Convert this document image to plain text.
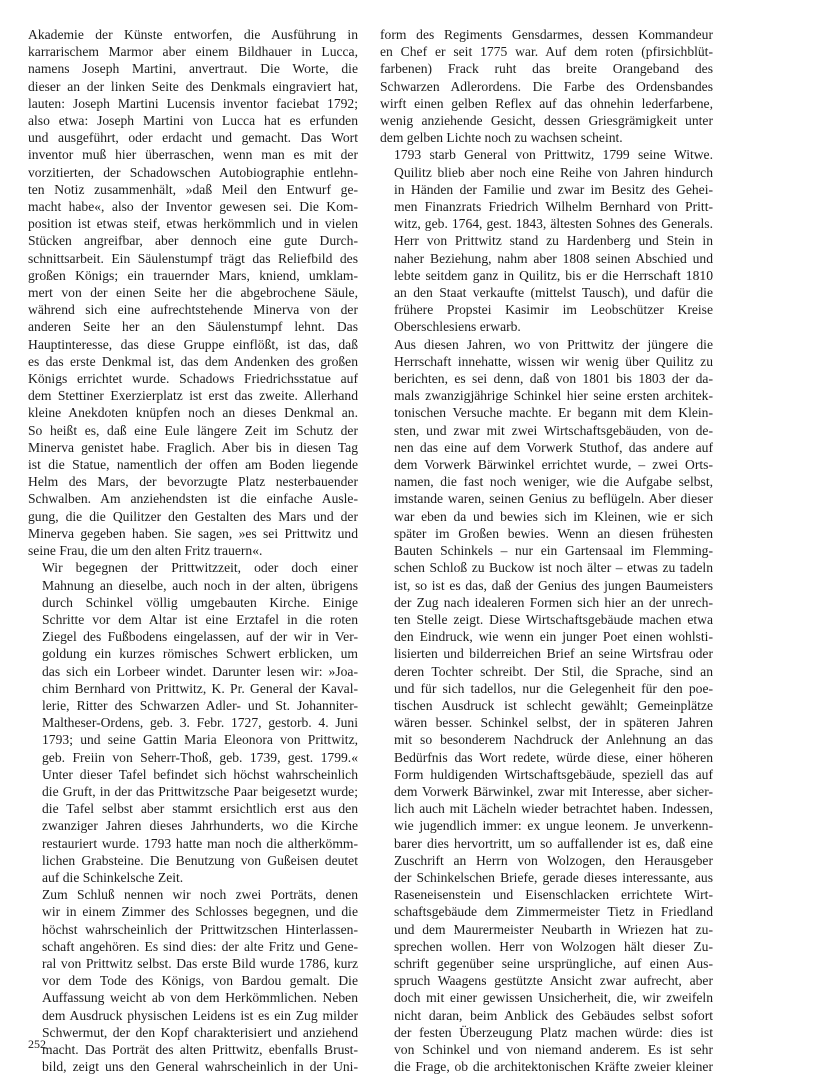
Akademie der Künste entworfen, die Ausführung in
karrarischem Marmor aber einem Bildhauer in Lucca,
namens Joseph Martini, anvertraut. Die Worte, die
dieser an der linken Seite des Denkmals eingraviert hat,
lauten: Joseph Martini Lucensis inventor faciebat 1792;
also etwa: Joseph Martini von Lucca hat es erfunden
und ausgeführt, oder erdacht und gemacht. Das Wort
inventor muß hier überraschen, wenn man es mit der
vorzitierten, der Schadowschen Autobiographie entlehn-
ten Notiz zusammenhält, »daß Meil den Entwurf ge-
macht habe«, also der Inventor gewesen sei. Die Kom-
position ist etwas steif, etwas herkömmlich und in vielen
Stücken angreifbar, aber dennoch eine gute Durch-
schnittsarbeit. Ein Säulenstumpf trägt das Reliefbild des
großen Königs; ein trauernder Mars, kniend, umklam-
mert von der einen Seite her die abgebrochene Säule,
während sich eine aufrechtstehende Minerva von der
anderen Seite her an den Säulenstumpf lehnt. Das
Hauptinteresse, das diese Gruppe einflößt, ist das, daß
es das erste Denkmal ist, das dem Andenken des großen
Königs errichtet wurde. Schadows Friedrichsstatue auf
dem Stettiner Exerzierplatz ist erst das zweite. Allerhand
kleine Anekdoten knüpfen noch an dieses Denkmal an.
So heißt es, daß eine Eule längere Zeit im Schutz der
Minerva genistet habe. Fraglich. Aber bis in diesen Tag
ist die Statue, namentlich der offen am Boden liegende
Helm des Mars, der bevorzugte Platz nesterbauender
Schwalben. Am anziehendsten ist die einfache Ausle-
gung, die die Quilitzer den Gestalten des Mars und der
Minerva gegeben haben. Sie sagen, »es sei Prittwitz und
seine Frau, die um den alten Fritz trauern«.

Wir begegnen der Prittwitzzeit, oder doch einer
Mahnung an dieselbe, auch noch in der alten, übrigens
durch Schinkel völlig umgebauten Kirche. Einige
Schritte vor dem Altar ist eine Erztafel in die roten
Ziegel des Fußbodens eingelassen, auf der wir in Ver-
goldung ein kurzes römisches Schwert erblicken, um
das sich ein Lorbeer windet. Darunter lesen wir: »Joa-
chim Bernhard von Prittwitz, K. Pr. General der Kaval-
lerie, Ritter des Schwarzen Adler- und St. Johanniter-
Maltheser-Ordens, geb. 3. Febr. 1727, gestorb. 4. Juni
1793; und seine Gattin Maria Eleonora von Prittwitz,
geb. Freiin von Seherr-Thoß, geb. 1739, gest. 1799.«
Unter dieser Tafel befindet sich höchst wahrscheinlich
die Gruft, in der das Prittwitzsche Paar beigesetzt wurde;
die Tafel selbst aber stammt ersichtlich erst aus den
zwanziger Jahren dieses Jahrhunderts, wo die Kirche
restauriert wurde. 1793 hatte man noch die altherkömm-
lichen Grabsteine. Die Benutzung von Gußeisen deutet
auf die Schinkelsche Zeit.

Zum Schluß nennen wir noch zwei Porträts, denen
wir in einem Zimmer des Schlosses begegnen, und die
höchst wahrscheinlich der Prittwitzschen Hinterlassen-
schaft angehören. Es sind dies: der alte Fritz und Gene-
ral von Prittwitz selbst. Das erste Bild wurde 1786, kurz
vor dem Tode des Königs, von Bardou gemalt. Die
Auffassung weicht ab von dem Herkömmlichen. Neben
dem Ausdruck physischen Leidens ist es ein Zug milder
Schwermut, der den Kopf charakterisiert und anziehend
macht. Das Porträt des alten Prittwitz, ebenfalls Brust-
bild, zeigt uns den General wahrscheinlich in der Uni-

form des Regiments Gensdarmes, dessen Kommandeur
en Chef er seit 1775 war. Auf dem roten (pfirsichblüt-
farbenen) Frack ruht das breite Orangeband des
Schwarzen Adlerordens. Die Farbe des Ordensbandes
wirft einen gelben Reflex auf das ohnehin lederfarbene,
wenig anziehende Gesicht, dessen Griesgrämigkeit unter
dem gelben Lichte noch zu wachsen scheint.

1793 starb General von Prittwitz, 1799 seine Witwe.
Quilitz blieb aber noch eine Reihe von Jahren hindurch
in Händen der Familie und zwar im Besitz des Gehei-
men Finanzrats Friedrich Wilhelm Bernhard von Pritt-
witz, geb. 1764, gest. 1843, ältesten Sohnes des Generals.
Herr von Prittwitz stand zu Hardenberg und Stein in
naher Beziehung, nahm aber 1808 seinen Abschied und
lebte seitdem ganz in Quilitz, bis er die Herrschaft 1810
an den Staat verkaufte (mittelst Tausch), und dafür die
frühere Propstei Kasimir im Leobschützer Kreise
Oberschlesiens erwarb.

Aus diesen Jahren, wo von Prittwitz der jüngere die
Herrschaft innehatte, wissen wir wenig über Quilitz zu
berichten, es sei denn, daß von 1801 bis 1803 der da-
mals zwanzigjährige Schinkel hier seine ersten architek-
tonischen Versuche machte. Er begann mit dem Klein-
sten, und zwar mit zwei Wirtschaftsgebäuden, von de-
nen das eine auf dem Vorwerk Stuthof, das andere auf
dem Vorwerk Bärwinkel errichtet wurde, – zwei Orts-
namen, die fast noch weniger, wie die Aufgabe selbst,
imstande waren, seinen Genius zu beflügeln. Aber dieser
war eben da und bewies sich im Kleinen, wie er sich
später im Großen bewies. Wenn an diesen frühesten
Bauten Schinkels – nur ein Gartensaal im Flemming-
schen Schloß zu Buckow ist noch älter – etwas zu tadeln
ist, so ist es das, daß der Genius des jungen Baumeisters
der Zug nach idealeren Formen sich hier an der unrech-
ten Stelle zeigt. Diese Wirtschaftsgebäude machen etwa
den Eindruck, wie wenn ein junger Poet einen wohlsti-
lisierten und bilderreichen Brief an seine Wirtsfrau oder
deren Tochter schreibt. Der Stil, die Sprache, sind an
und für sich tadellos, nur die Gelegenheit für den poe-
tischen Ausdruck ist schlecht gewählt; Gemeinplätze
wären besser. Schinkel selbst, der in späteren Jahren
mit so besonderem Nachdruck der Anlehnung an das
Bedürfnis das Wort redete, würde diese, einer höheren
Form huldigenden Wirtschaftsgebäude, speziell das auf
dem Vorwerk Bärwinkel, zwar mit Interesse, aber sicher-
lich auch mit Lächeln wieder betrachtet haben. Indessen,
wie jugendlich immer: ex ungue leonem. Je unverkenn-
barer dies hervortritt, um so auffallender ist es, daß eine
Zuschrift an Herrn von Wolzogen, den Herausgeber
der Schinkelschen Briefe, gerade dieses interessante, aus
Raseneisenstein und Eisenschlacken errichtete Wirt-
schaftsgebäude dem Zimmermeister Tietz in Friedland
und dem Maurermeister Neubarth in Wriezen hat zu-
sprechen wollen. Herr von Wolzogen hält dieser Zu-
schrift gegenüber seine ursprüngliche, auf einen Aus-
spruch Waagens gestützte Ansicht zwar aufrecht, aber
doch mit einer gewissen Unsicherheit, die, wir zweifeln
nicht daran, beim Anblick des Gebäudes selbst sofort
der festen Überzeugung Platz machen würde: dies ist
von Schinkel und von niemand anderem. Es ist sehr
die Frage, ob die architektonischen Kräfte zweier kleiner

252
